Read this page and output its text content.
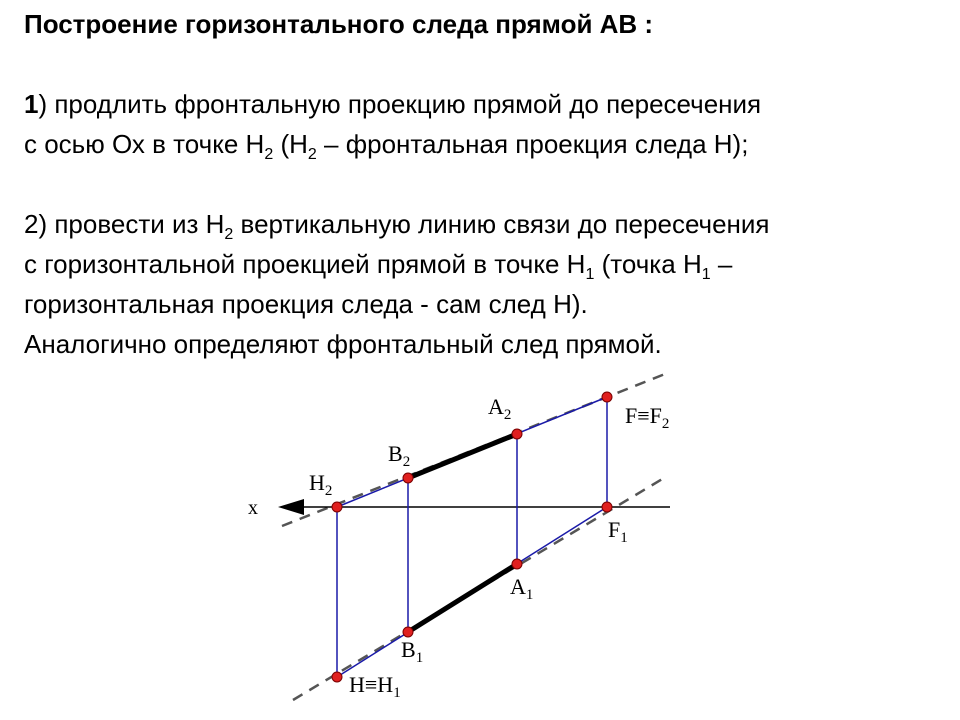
Построение горизонтального следа прямой АВ :

1) продлить фронтальную проекцию прямой до пересечения

с осью Ох в точке $Н_2$ ($Н_2$ – фронтальная проекция следа Н);

2) провести из $Н_2$ вертикальную линию связи до пересечения

с горизонтальной проекцией прямой в точке $Н_1$ (точка $Н_1$ –

горизонтальная проекция следа - сам след Н).

Аналогично определяют фронтальный след прямой.

x
$H_2$
$B_2$
$A_2$	$F\equiv F_2$
$F_1$
$A_1$
$B_1$
$H\equiv H_1$
